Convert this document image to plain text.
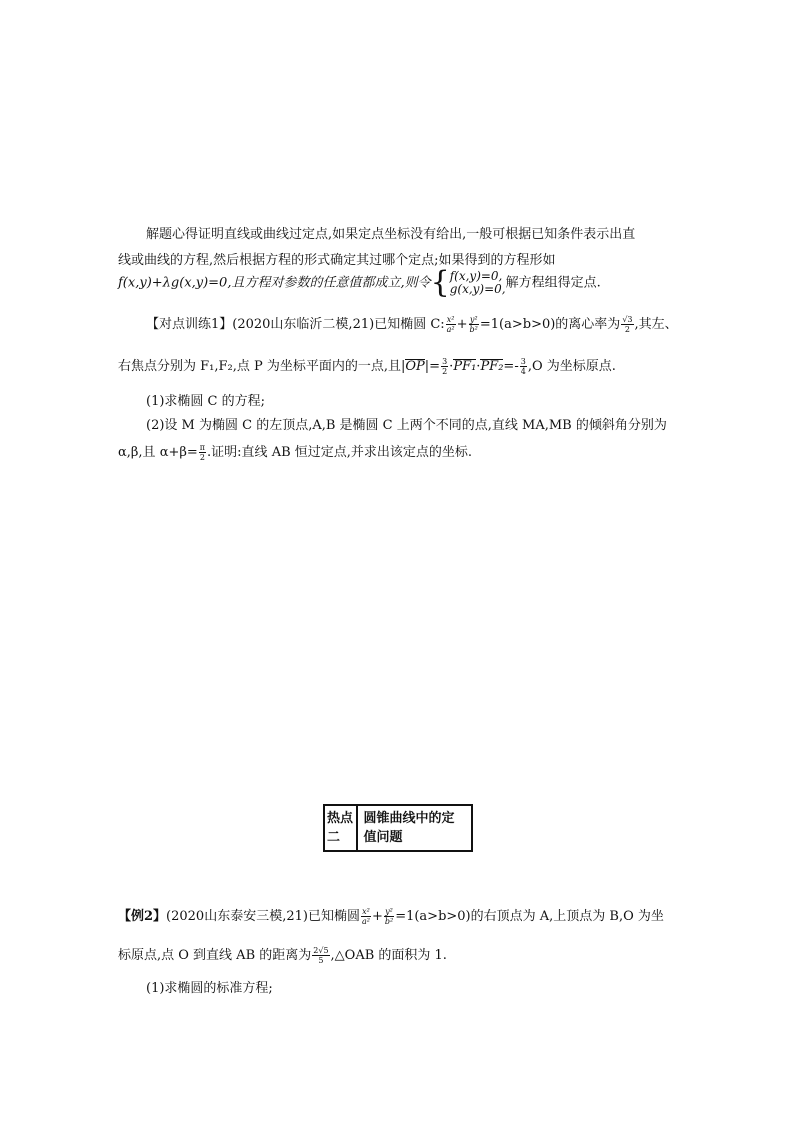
解题心得证明直线或曲线过定点,如果定点坐标没有给出,一般可根据已知条件表示出直
线或曲线的方程,然后根据方程的形式确定其过哪个定点;如果得到的方程形如
f(x,y)+λg(x,y)=0,且方程对参数的任意值都成立,则令{ f(x,y)=0,
g(x,y)=0, 解方程组得定点.
【对点训练1】(2020山东临沂二模,21)已知椭圆 C: $\frac{\text{x²}}{\text{a²}} + \frac{\text{y²}}{\text{b²}} =1(a>b>0)$的离心率为 $\frac{√3}{2}$ ,其左、
右焦点分别为 F₁,F₂,点 P 为坐标平面内的一点,且$|OP|= \frac{3}{2} \cdot PF_1\cdot PF_2=- \frac{3}{4} ,O$ 为坐标原点.
(1)求椭圆 C 的方程;
(2)设 M 为椭圆 C 的左顶点,A,B 是椭圆 C 上两个不同的点,直线 MA,MB 的倾斜角分别为
α,β,且 $\alpha+\beta= \frac{\pi}{2}$ .证明:直线 AB 恒过定点,并求出该定点的坐标.
热点二
圆锥曲线中的定值问题
【例2】(2020山东泰安三模,21)已知椭圆 $\frac{\text{x²}}{\text{a²}} + \frac{\text{y²}}{\text{b²}} =1(a>b>0)$的右顶点为 A,上顶点为 B,O 为坐
标原点,点 O 到直线 AB 的距离为 $\frac{2√5}{5}$ ,△OAB 的面积为 1.
(1)求椭圆的标准方程;
